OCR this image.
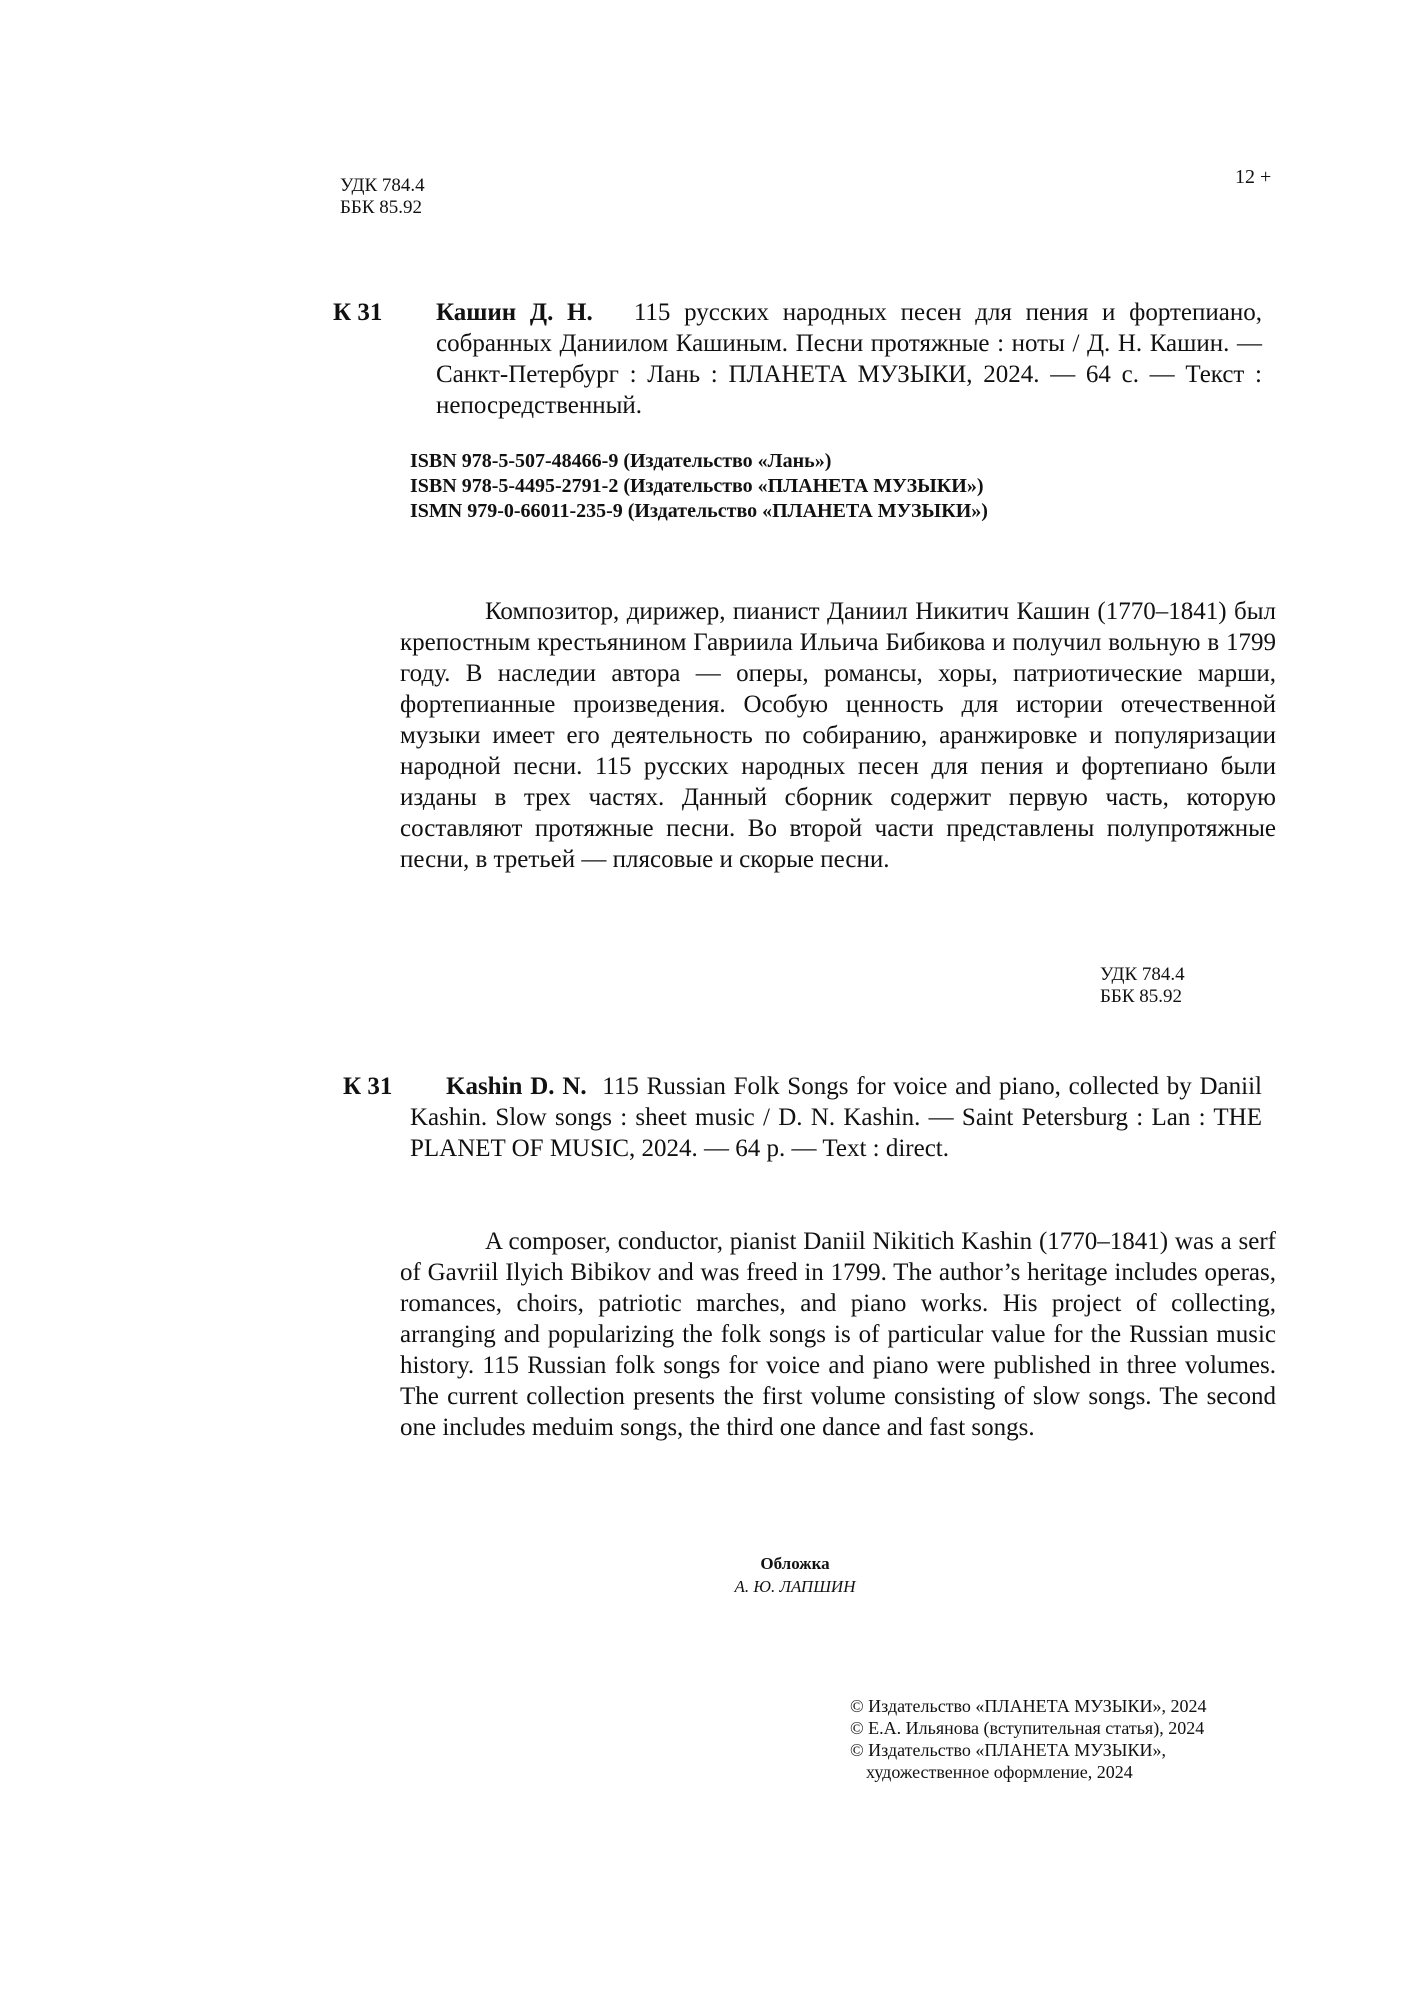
УДК 784.4
ББК 85.92
12 +
К 31 Кашин Д. Н. 115 русских народных песен для пения и фортепиано, собранных Даниилом Кашиным. Песни протяжные : ноты / Д. Н. Кашин. — Санкт-Петербург : Лань : ПЛАНЕТА МУЗЫКИ, 2024. — 64 с. — Текст : непосредственный.
ISBN 978-5-507-48466-9 (Издательство «Лань»)
ISBN 978-5-4495-2791-2 (Издательство «ПЛАНЕТА МУЗЫКИ»)
ISMN 979-0-66011-235-9 (Издательство «ПЛАНЕТА МУЗЫКИ»)
Композитор, дирижер, пианист Даниил Никитич Кашин (1770–1841) был крепостным крестьянином Гавриила Ильича Бибикова и получил вольную в 1799 году. В наследии автора — оперы, романсы, хоры, патриотические марши, фортепианные произведения. Особую ценность для истории отечественной музыки имеет его деятельность по собиранию, аранжировке и популяризации народной песни. 115 русских народных песен для пения и фортепиано были изданы в трех частях. Данный сборник содержит первую часть, которую составляют протяжные песни. Во второй части представлены полупротяжные песни, в третьей — плясовые и скорые песни.
УДК 784.4
ББК 85.92
К 31	Kashin D. N. 115 Russian Folk Songs for voice and piano, collected by Daniil Kashin. Slow songs : sheet music / D. N. Kashin. — Saint Petersburg : Lan : THE PLANET OF MUSIC, 2024. — 64 p. — Text : direct.
A composer, conductor, pianist Daniil Nikitich Kashin (1770–1841) was a serf of Gavriil Ilyich Bibikov and was freed in 1799. The author’s heritage includes operas, romances, choirs, patriotic marches, and piano works. His project of collecting, arranging and popularizing the folk songs is of particular value for the Russian music history. 115 Russian folk songs for voice and piano were published in three volumes. The current collection presents the first volume consisting of slow songs. The second one includes meduim songs, the third one dance and fast songs.
Обложка
А. Ю. ЛАПШИН
© Издательство «ПЛАНЕТА МУЗЫКИ», 2024
© Е.А. Ильянова (вступительная статья), 2024
© Издательство «ПЛАНЕТА МУЗЫКИ»,
художественное оформление, 2024
